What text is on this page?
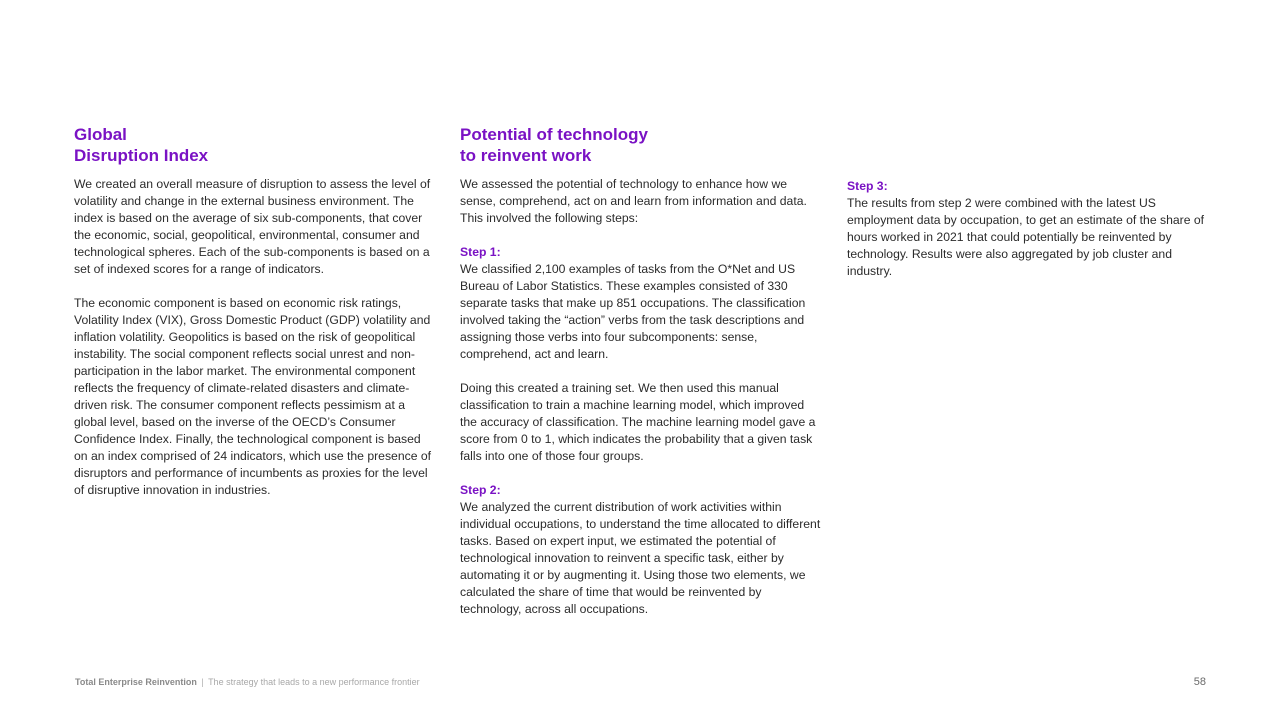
Global
Disruption Index

We created an overall measure of disruption to assess the level of volatility and change in the external business environment. The index is based on the average of six sub-components, that cover the economic, social, geopolitical, environmental, consumer and technological spheres. Each of the sub-components is based on a set of indexed scores for a range of indicators.

The economic component is based on economic risk ratings, Volatility Index (VIX), Gross Domestic Product (GDP) volatility and inflation volatility. Geopolitics is based on the risk of geopolitical instability. The social component reflects social unrest and non-participation in the labor market. The environmental component reflects the frequency of climate-related disasters and climate-driven risk. The consumer component reflects pessimism at a global level, based on the inverse of the OECD’s Consumer Confidence Index. Finally, the technological component is based on an index comprised of 24 indicators, which use the presence of disruptors and performance of incumbents as proxies for the level of disruptive innovation in industries.

Potential of technology
to reinvent work

We assessed the potential of technology to enhance how we sense, comprehend, act on and learn from information and data. This involved the following steps:

Step 1:

We classified 2,100 examples of tasks from the O*Net and US Bureau of Labor Statistics. These examples consisted of 330 separate tasks that make up 851 occupations. The classification involved taking the “action” verbs from the task descriptions and assigning those verbs into four subcomponents: sense, comprehend, act and learn.

Doing this created a training set. We then used this manual classification to train a machine learning model, which improved the accuracy of classification. The machine learning model gave a score from 0 to 1, which indicates the probability that a given task falls into one of those four groups.

Step 2:

We analyzed the current distribution of work activities within individual occupations, to understand the time allocated to different tasks. Based on expert input, we estimated the potential of technological innovation to reinvent a specific task, either by automating it or by augmenting it. Using those two elements, we calculated the share of time that would be reinvented by technology, across all occupations.

Step 3:

The results from step 2 were combined with the latest US employment data by occupation, to get an estimate of the share of hours worked in 2021 that could potentially be reinvented by technology. Results were also aggregated by job cluster and industry.

Total Enterprise Reinvention | The strategy that leads to a new performance frontier	58
